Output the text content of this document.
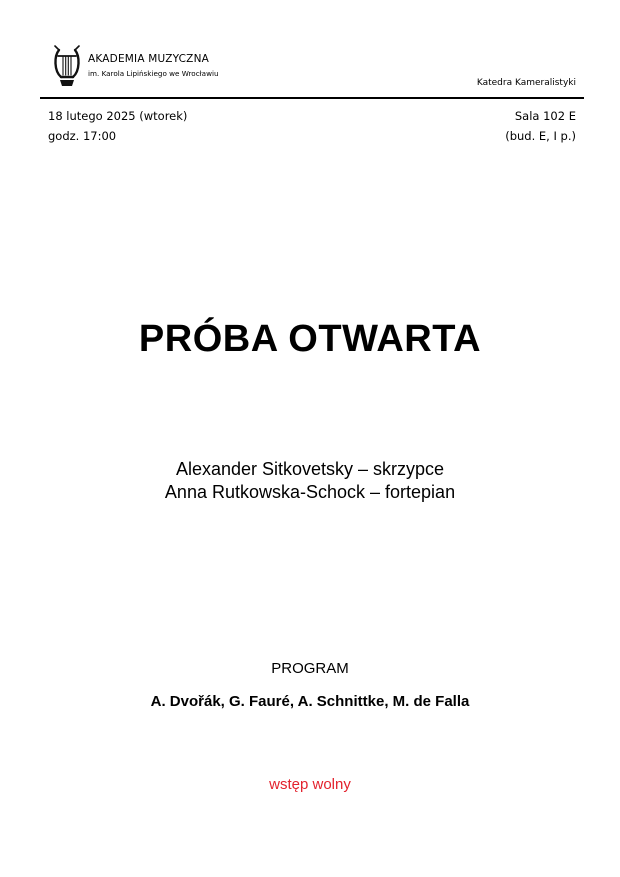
AKADEMIA MUZYCZNA
im. Karola Lipińskiego we Wrocławiu
Katedra Kameralistyki
18 lutego 2025 (wtorek)
godz. 17:00
Sala 102 E
(bud. E, I p.)
PRÓBA OTWARTA
Alexander Sitkovetsky – skrzypce
Anna Rutkowska-Schock – fortepian
PROGRAM
A. Dvořák, G. Fauré, A. Schnittke, M. de Falla
wstęp wolny
